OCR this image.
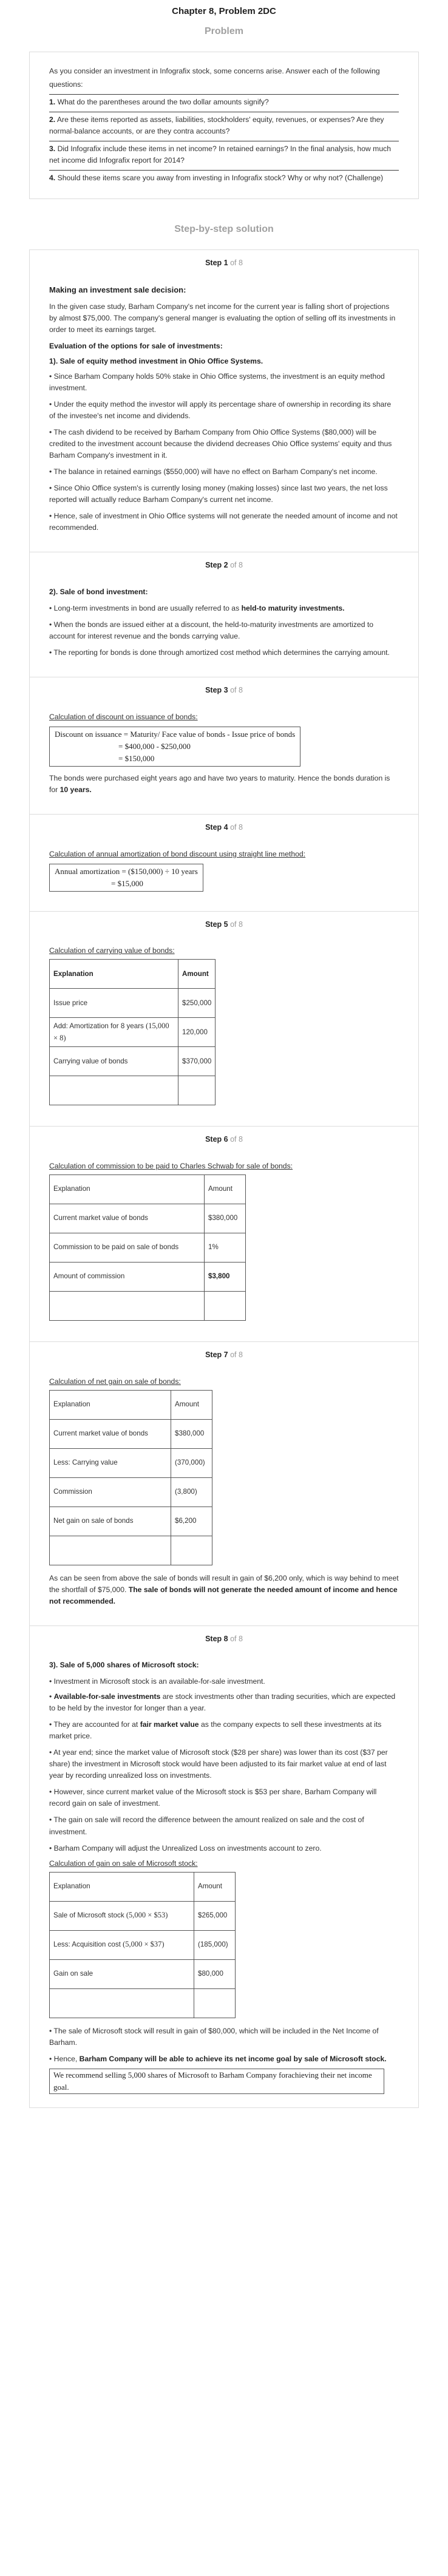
Chapter 8, Problem 2DC
Problem

As you consider an investment in Infografix stock, some concerns arise. Answer each of the following

questions:

1. What do the parentheses around the two dollar amounts signify?

2. Are these items reported as assets, liabilities, stockholders' equity, revenues, or expenses? Are they normal-balance accounts, or are they contra accounts?

3. Did Infografix include these items in net income? In retained earnings? In the final analysis, how much net income did Infografix report for 2014?

4. Should these items scare you away from investing in Infografix stock? Why or why not? (Challenge)

Step-by-step solution
Step 1 of 8

Making an investment sale decision:

In the given case study, Barham Company's net income for the current year is falling short of projections by almost $75,000. The company's general manger is evaluating the option of selling off its investments in order to meet its earnings target.

Evaluation of the options for sale of investments:

1). Sale of equity method investment in Ohio Office Systems.

• Since Barham Company holds 50% stake in Ohio Office systems, the investment is an equity method investment.

• Under the equity method the investor will apply its percentage share of ownership in recording its share of the investee's net income and dividends.

• The cash dividend to be received by Barham Company from Ohio Office Systems ($80,000) will be credited to the investment account because the dividend decreases Ohio Office systems' equity and thus Barham Company's investment in it.

• The balance in retained earnings ($550,000) will have no effect on Barham Company's net income.

• Since Ohio Office system's is currently losing money (making losses) since last two years, the net loss reported will actually reduce Barham Company's current net income.

• Hence, sale of investment in Ohio Office systems will not generate the needed amount of income and not recommended.

Step 2 of 8

2). Sale of bond investment:

• Long-term investments in bond are usually referred to as held-to maturity investments.

• When the bonds are issued either at a discount, the held-to-maturity investments are amortized to account for interest revenue and the bonds carrying value.

• The reporting for bonds is done through amortized cost method which determines the carrying amount.

Step 3 of 8

Calculation of discount on issuance of bonds:

Discount on issuance = Maturity/ Face value of bonds - Issue price of bonds
= $400,000 - $250,000
= $150,000

The bonds were purchased eight years ago and have two years to maturity. Hence the bonds duration is for 10 years.

Step 4 of 8

Calculation of annual amortization of bond discount using straight line method:

Annual amortization = ($150,000) ÷ 10 years
= $15,000
Step 5 of 8

Calculation of carrying value of bonds:

Explanation	Amount
Issue price	$250,000
Add: Amortization for 8 years (15,000 × 8)	120,000
Carrying value of bonds	$370,000

Step 6 of 8

Calculation of commission to be paid to Charles Schwab for sale of bonds:

Explanation	Amount
Current market value of bonds	$380,000
Commission to be paid on sale of bonds	1%
Amount of commission	$3,800

Step 7 of 8

Calculation of net gain on sale of bonds:

Explanation	Amount
Current market value of bonds	$380,000
Less: Carrying value	(370,000)
Commission	(3,800)
Net gain on sale of bonds	$6,200

As can be seen from above the sale of bonds will result in gain of $6,200 only, which is way behind to meet the shortfall of $75,000. The sale of bonds will not generate the needed amount of income and hence not recommended.

Step 8 of 8

3). Sale of 5,000 shares of Microsoft stock:

• Investment in Microsoft stock is an available-for-sale investment.

• Available-for-sale investments are stock investments other than trading securities, which are expected to be held by the investor for longer than a year.

• They are accounted for at fair market value as the company expects to sell these investments at its market price.

• At year end; since the market value of Microsoft stock ($28 per share) was lower than its cost ($37 per share) the investment in Microsoft stock would have been adjusted to its fair market value at end of last year by recording unrealized loss on investments.

• However, since current market value of the Microsoft stock is $53 per share, Barham Company will record gain on sale of investment.

• The gain on sale will record the difference between the amount realized on sale and the cost of investment.

• Barham Company will adjust the Unrealized Loss on investments account to zero.

Calculation of gain on sale of Microsoft stock:

Explanation	Amount
Sale of Microsoft stock (5,000 × $53)	$265,000
Less: Acquisition cost (5,000 × $37)	(185,000)
Gain on sale	$80,000

• The sale of Microsoft stock will result in gain of $80,000, which will be included in the Net Income of Barham.

• Hence, Barham Company will be able to achieve its net income goal by sale of Microsoft stock.

We recommend selling 5,000 shares of Microsoft to Barham Company forachieving their net income goal.
